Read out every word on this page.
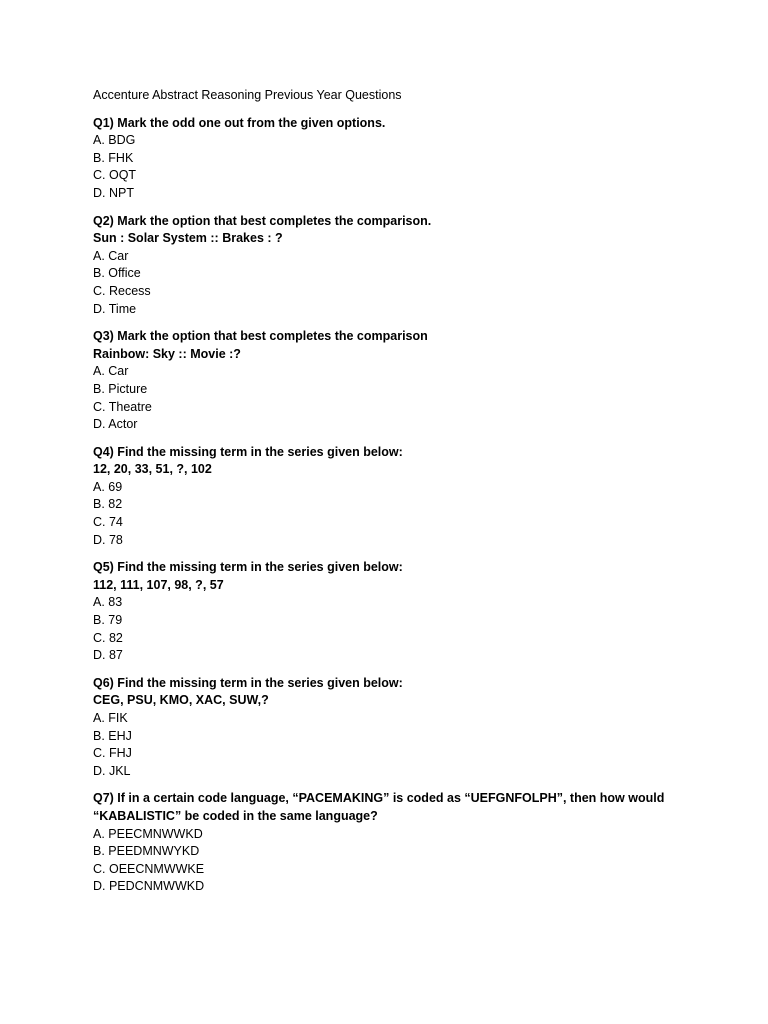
Accenture Abstract Reasoning Previous Year Questions
Q1) Mark the odd one out from the given options.
A. BDG
B. FHK
C. OQT
D. NPT
Q2) Mark the option that best completes the comparison.
Sun : Solar System :: Brakes : ?
A. Car
B. Office
C. Recess
D. Time
Q3) Mark the option that best completes the comparison
Rainbow: Sky :: Movie :?
A. Car
B. Picture
C. Theatre
D. Actor
Q4) Find the missing term in the series given below:
12, 20, 33, 51, ?, 102
A. 69
B. 82
C. 74
D. 78
Q5) Find the missing term in the series given below:
112, 111, 107, 98, ?, 57
A. 83
B. 79
C. 82
D. 87
Q6) Find the missing term in the series given below:
CEG, PSU, KMO, XAC, SUW,?
A. FIK
B. EHJ
C. FHJ
D. JKL
Q7) If in a certain code language, “PACEMAKING” is coded as “UEFGNFOLPH”, then how would
“KABALISTIC” be coded in the same language?
A. PEECMNWWKD
B. PEEDMNWYKD
C. OEECNMWWKE
D. PEDCNMWWKD
